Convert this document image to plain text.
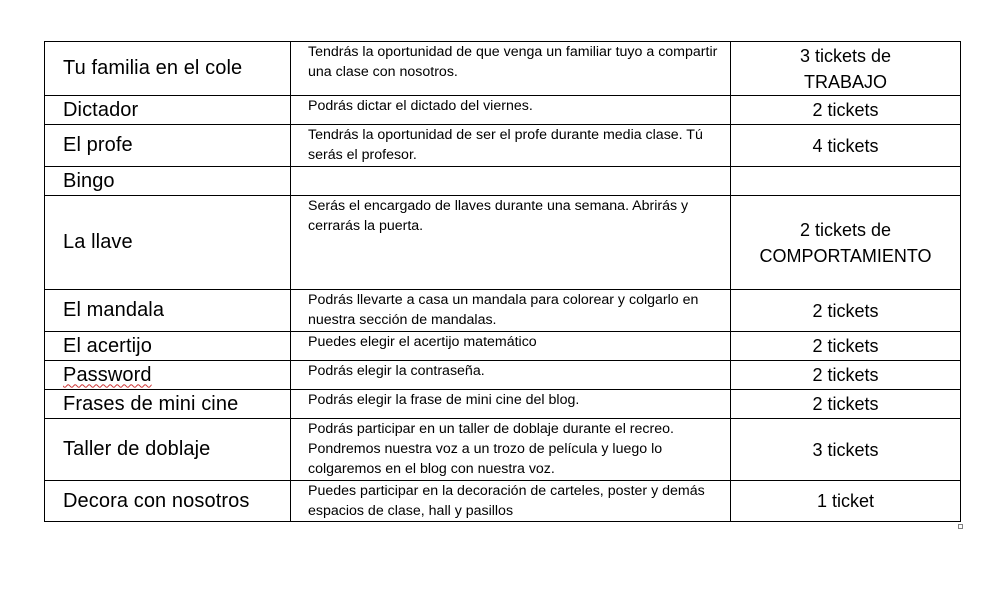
Tu familia en el cole	Tendrás la oportunidad de que venga un familiar tuyo a compartir una clase con nosotros.	3 tickets de TRABAJO
Dictador	Podrás dictar el dictado del viernes.	2 tickets
El profe	Tendrás la oportunidad de ser el profe durante media clase. Tú serás el profesor.	4 tickets
Bingo		
La llave	Serás el encargado de llaves durante una semana. Abrirás y cerrarás la puerta.	2 tickets de COMPORTAMIENTO
El mandala	Podrás llevarte a casa un mandala para colorear y colgarlo en nuestra sección de mandalas.	2 tickets
El acertijo	Puedes elegir el acertijo matemático	2 tickets
Password	Podrás elegir la contraseña.	2 tickets
Frases de mini cine	Podrás elegir la frase de mini cine del blog.	2 tickets
Taller de doblaje	Podrás participar en un taller de doblaje durante el recreo. Pondremos nuestra voz a un trozo de película y luego lo colgaremos en el blog con nuestra voz.	3 tickets
Decora con nosotros	Puedes participar en la decoración de carteles, poster y demás espacios de clase, hall y pasillos	1 ticket
